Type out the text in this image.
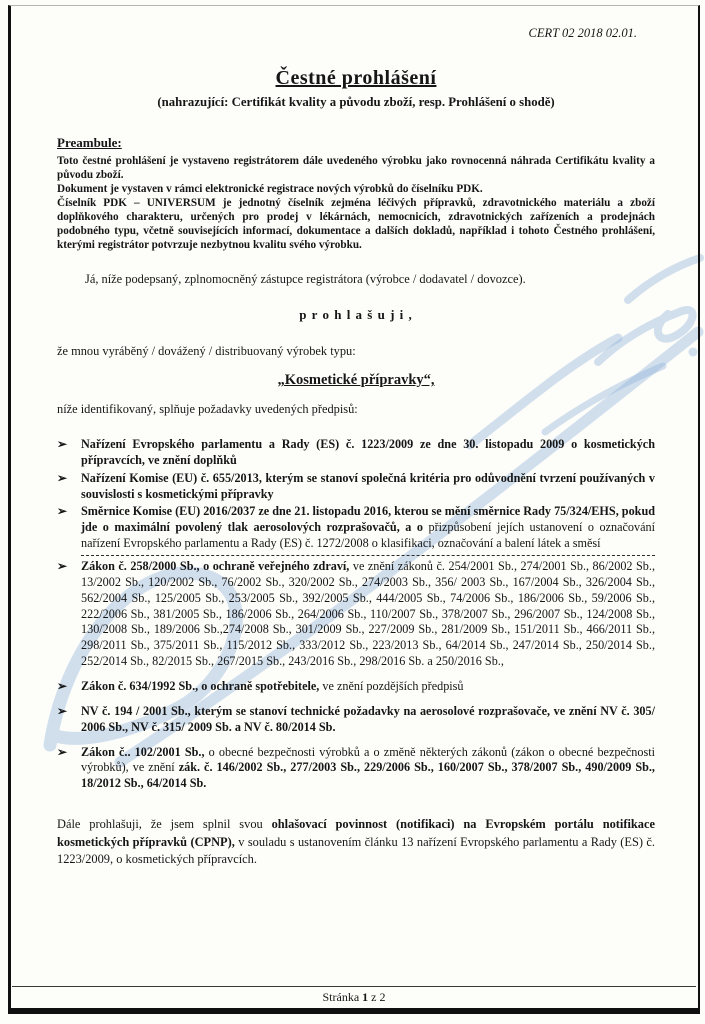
CERT 02 2018 02.01.
Čestné prohlášení
(nahrazující: Certifikát kvality a původu zboží, resp. Prohlášení o shodě)
Preambule:
Toto čestné prohlášení je vystaveno registrátorem dále uvedeného výrobku jako rovnocenná náhrada Certifikátu kvality a původu zboží.
Dokument je vystaven v rámci elektronické registrace nových výrobků do číselníku PDK.
Číselník PDK – UNIVERSUM je jednotný číselník zejména léčivých přípravků, zdravotnického materiálu a zboží doplňkového charakteru, určených pro prodej v lékárnách, nemocnicích, zdravotnických zařízeních a prodejnách podobného typu, včetně souvisejících informací, dokumentace a dalších dokladů, například i tohoto Čestného prohlášení, kterými registrátor potvrzuje nezbytnou kvalitu svého výrobku.
Já, níže podepsaný, zplnomocněný zástupce registrátora (výrobce / dodavatel / dovozce).
p r o h l a š u j i ,
že mnou vyráběný / dovážený / distribuovaný výrobek typu:
„Kosmetické přípravky“,
níže identifikovaný, splňuje požadavky uvedených předpisů:
➢	Nařízení Evropského parlamentu a Rady (ES) č. 1223/2009 ze dne 30. listopadu 2009 o kosmetických přípravcích, ve znění doplňků
➢	Nařízení Komise (EU) č. 655/2013, kterým se stanoví společná kritéria pro odůvodnění tvrzení používaných v souvislosti s kosmetickými přípravky
➢	Směrnice Komise (EU) 2016/2037 ze dne 21. listopadu 2016, kterou se mění směrnice Rady 75/324/EHS, pokud jde o maximální povolený tlak aerosolových rozprašovačů, a o přizpůsobení jejích ustanovení o označování nařízení Evropského parlamentu a Rady (ES) č. 1272/2008 o klasifikaci, označování a balení látek a směsí
➢	Zákon č. 258/2000 Sb., o ochraně veřejného zdraví, ve znění zákonů č. 254/2001 Sb., 274/2001 Sb., 86/2002 Sb., 13/2002 Sb., 120/2002 Sb., 76/2002 Sb., 320/2002 Sb., 274/2003 Sb., 356/ 2003 Sb., 167/2004 Sb., 326/2004 Sb., 562/2004 Sb., 125/2005 Sb., 253/2005 Sb., 392/2005 Sb., 444/2005 Sb., 74/2006 Sb., 186/2006 Sb., 59/2006 Sb., 222/2006 Sb., 381/2005 Sb., 186/2006 Sb., 264/2006 Sb., 110/2007 Sb., 378/2007 Sb., 296/2007 Sb., 124/2008 Sb., 130/2008 Sb., 189/2006 Sb.,274/2008 Sb., 301/2009 Sb., 227/2009 Sb., 281/2009 Sb., 151/2011 Sb., 466/2011 Sb., 298/2011 Sb., 375/2011 Sb., 115/2012 Sb., 333/2012 Sb., 223/2013 Sb., 64/2014 Sb., 247/2014 Sb., 250/2014 Sb., 252/2014 Sb., 82/2015 Sb., 267/2015 Sb., 243/2016 Sb., 298/2016 Sb. a 250/2016 Sb.,
➢	Zákon č. 634/1992 Sb., o ochraně spotřebitele, ve znění pozdějších předpisů
➢	NV č. 194 / 2001 Sb., kterým se stanoví technické požadavky na aerosolové rozprašovače, ve znění NV č. 305/ 2006 Sb., NV č. 315/ 2009 Sb. a NV č. 80/2014 Sb.
➢	Zákon č.. 102/2001 Sb., o obecné bezpečnosti výrobků a o změně některých zákonů (zákon o obecné bezpečnosti výrobků), ve znění zák. č. 146/2002 Sb., 277/2003 Sb., 229/2006 Sb., 160/2007 Sb., 378/2007 Sb., 490/2009 Sb., 18/2012 Sb., 64/2014 Sb.
Dále prohlašuji, že jsem splnil svou ohlašovací povinnost (notifikaci) na Evropském portálu notifikace kosmetických přípravků (CPNP), v souladu s ustanovením článku 13 nařízení Evropského parlamentu a Rady (ES) č. 1223/2009, o kosmetických přípravcích.
Stránka 1 z 2
